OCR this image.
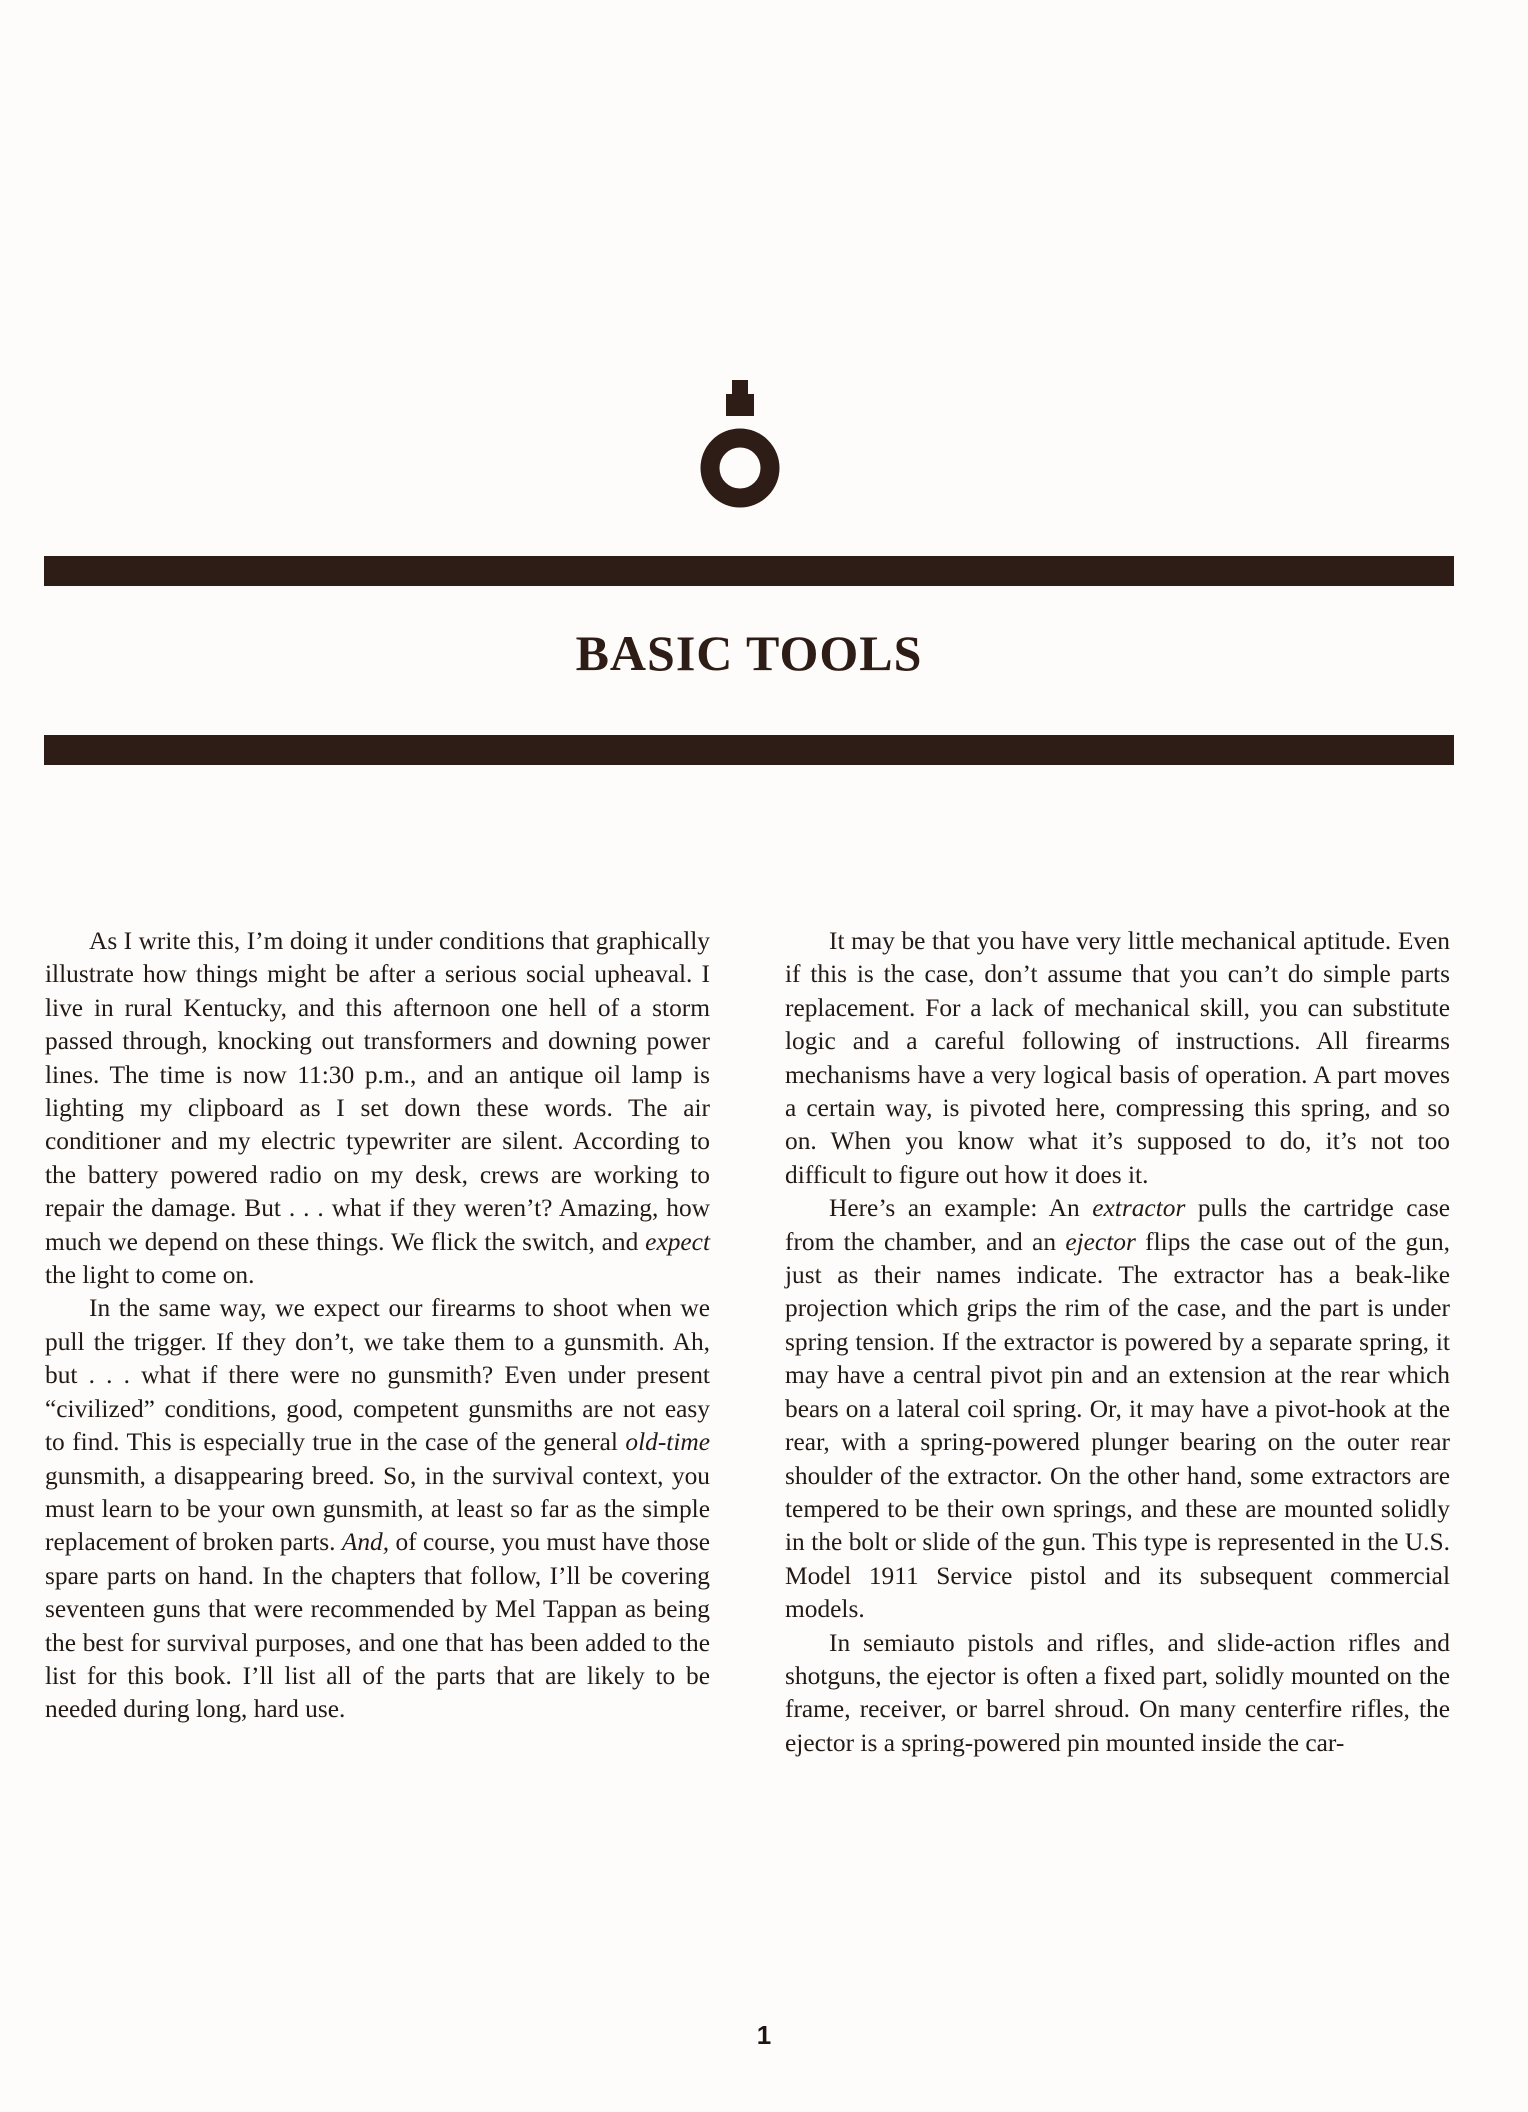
BASIC TOOLS

As I write this, I’m doing it under conditions that graphically illustrate how things might be after a serious social upheaval. I live in rural Kentucky, and this afternoon one hell of a storm passed through, knocking out transformers and downing power lines. The time is now 11:30 p.m., and an antique oil lamp is lighting my clipboard as I set down these words. The air conditioner and my electric typewriter are silent. According to the battery powered radio on my desk, crews are working to repair the damage. But . . . what if they weren’t? Amazing, how much we depend on these things. We flick the switch, and expect the light to come on.

In the same way, we expect our firearms to shoot when we pull the trigger. If they don’t, we take them to a gunsmith. Ah, but . . . what if there were no gunsmith? Even under present “civilized” conditions, good, competent gunsmiths are not easy to find. This is especially true in the case of the general old-time gunsmith, a disappearing breed. So, in the survival context, you must learn to be your own gunsmith, at least so far as the simple replacement of broken parts. And, of course, you must have those spare parts on hand. In the chapters that follow, I’ll be covering seventeen guns that were recommended by Mel Tappan as being the best for survival purposes, and one that has been added to the list for this book. I’ll list all of the parts that are likely to be needed during long, hard use.

It may be that you have very little mechanical aptitude. Even if this is the case, don’t assume that you can’t do simple parts replacement. For a lack of mechanical skill, you can substitute logic and a careful following of instructions. All firearms mechanisms have a very logical basis of operation. A part moves a certain way, is pivoted here, compressing this spring, and so on. When you know what it’s supposed to do, it’s not too difficult to figure out how it does it.

Here’s an example: An extractor pulls the cartridge case from the chamber, and an ejector flips the case out of the gun, just as their names indicate. The extractor has a beak-like projection which grips the rim of the case, and the part is under spring tension. If the extractor is powered by a separate spring, it may have a central pivot pin and an extension at the rear which bears on a lateral coil spring. Or, it may have a pivot-hook at the rear, with a spring-powered plunger bearing on the outer rear shoulder of the extractor. On the other hand, some extractors are tempered to be their own springs, and these are mounted solidly in the bolt or slide of the gun. This type is represented in the U.S. Model 1911 Service pistol and its subsequent commercial models.

In semiauto pistols and rifles, and slide-action rifles and shotguns, the ejector is often a fixed part, solidly mounted on the frame, receiver, or barrel shroud. On many centerfire rifles, the ejector is a spring-powered pin mounted inside the car-

1
